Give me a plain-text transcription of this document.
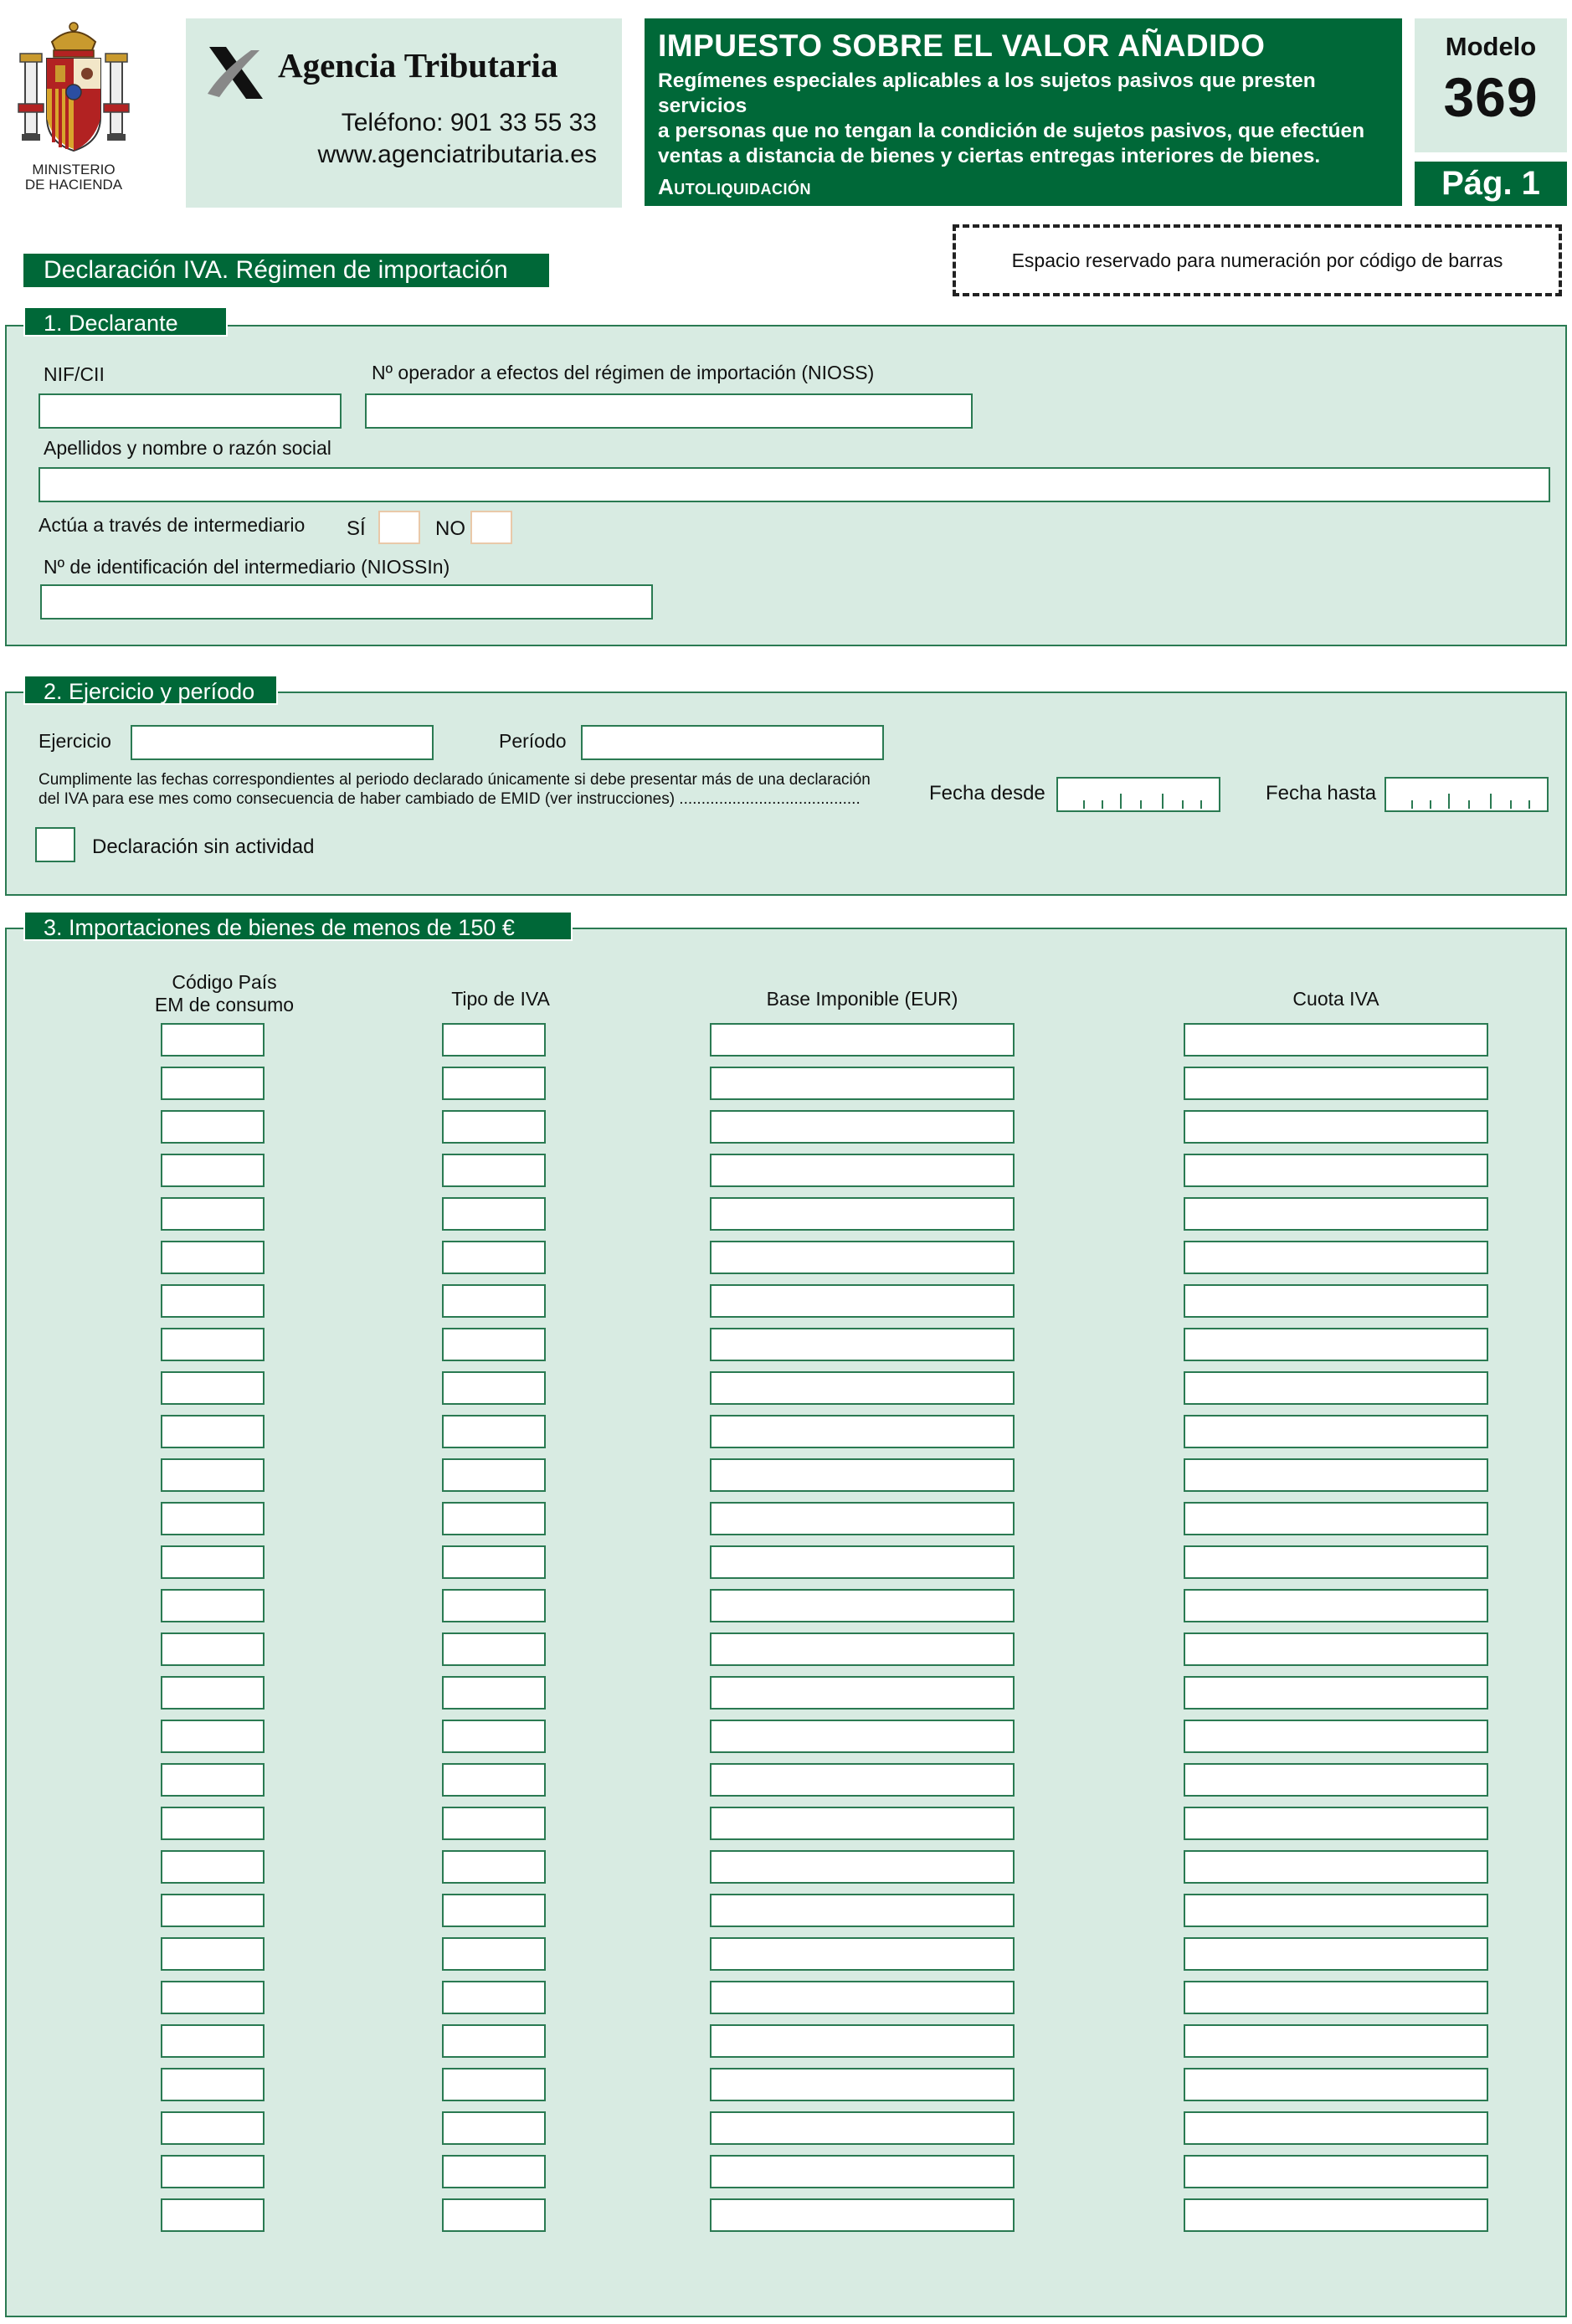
MINISTERIO
DE HACIENDA
Agencia Tributaria
Teléfono: 901 33 55 33
www.agenciatributaria.es
IMPUESTO SOBRE EL VALOR AÑADIDO
Regímenes especiales aplicables a los sujetos pasivos que presten servicios
a personas que no tengan la condición de sujetos pasivos, que efectúen
ventas a distancia de bienes y ciertas entregas interiores de bienes.
Autoliquidación
Modelo
369
Pág. 1
Declaración IVA. Régimen de importación	Espacio reservado para numeración por código de barras
NIF/CII	Nº operador a efectos del régimen de importación (NIOSS)
Apellidos y nombre o razón social
Actúa a través de intermediario SÍ	NO
Nº de identificación del intermediario (NIOSSIn)
1. Declarante
Ejercicio	Período
Cumplimente las fechas correspondientes al periodo declarado únicamente si debe presentar más de una declaración
del IVA para ese mes como consecuencia de haber cambiado de EMID (ver instrucciones) .........................................	Fecha desde	Fecha hasta
Declaración sin actividad
2. Ejercicio y período
Código País
EM de consumo	Tipo de IVA	Base Imponible (EUR)	Cuota IVA
3. Importaciones de bienes de menos de 150 €
